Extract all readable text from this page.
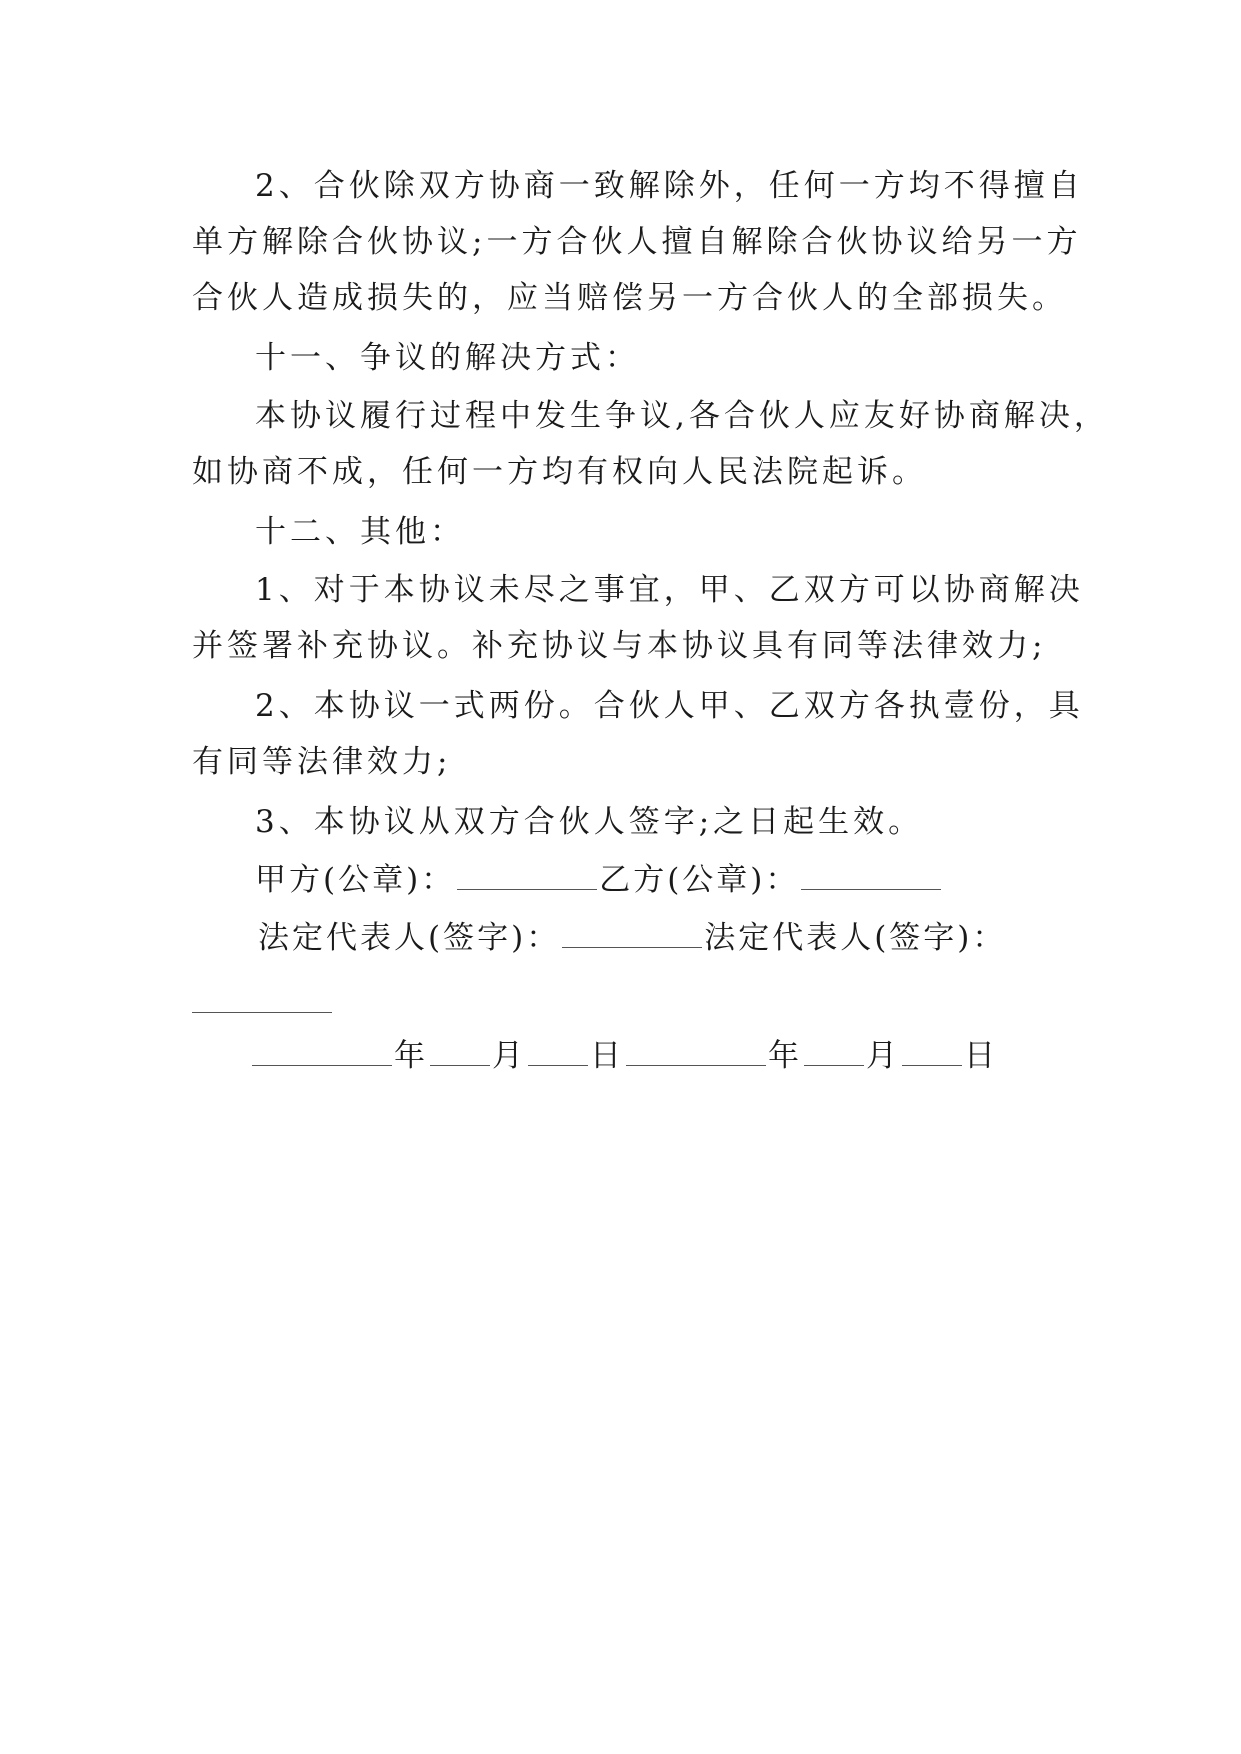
2、合伙除双方协商一致解除外，任何一方均不得擅自
单方解除合伙协议;一方合伙人擅自解除合伙协议给另一方
合伙人造成损失的，应当赔偿另一方合伙人的全部损失。
十一、争议的解决方式：
本协议履行过程中发生争议,各合伙人应友好协商解决，
如协商不成，任何一方均有权向人民法院起诉。
十二、其他：
1、对于本协议未尽之事宜，甲、乙双方可以协商解决
并签署补充协议。补充协议与本协议具有同等法律效力;
2、本协议一式两份。合伙人甲、乙双方各执壹份，具
有同等法律效力;
3、本协议从双方合伙人签字;之日起生效。
甲方(公章)：	乙方(公章)：
法定代表人(签字)：	法定代表人(签字)：
年 月 日	年 月 日
